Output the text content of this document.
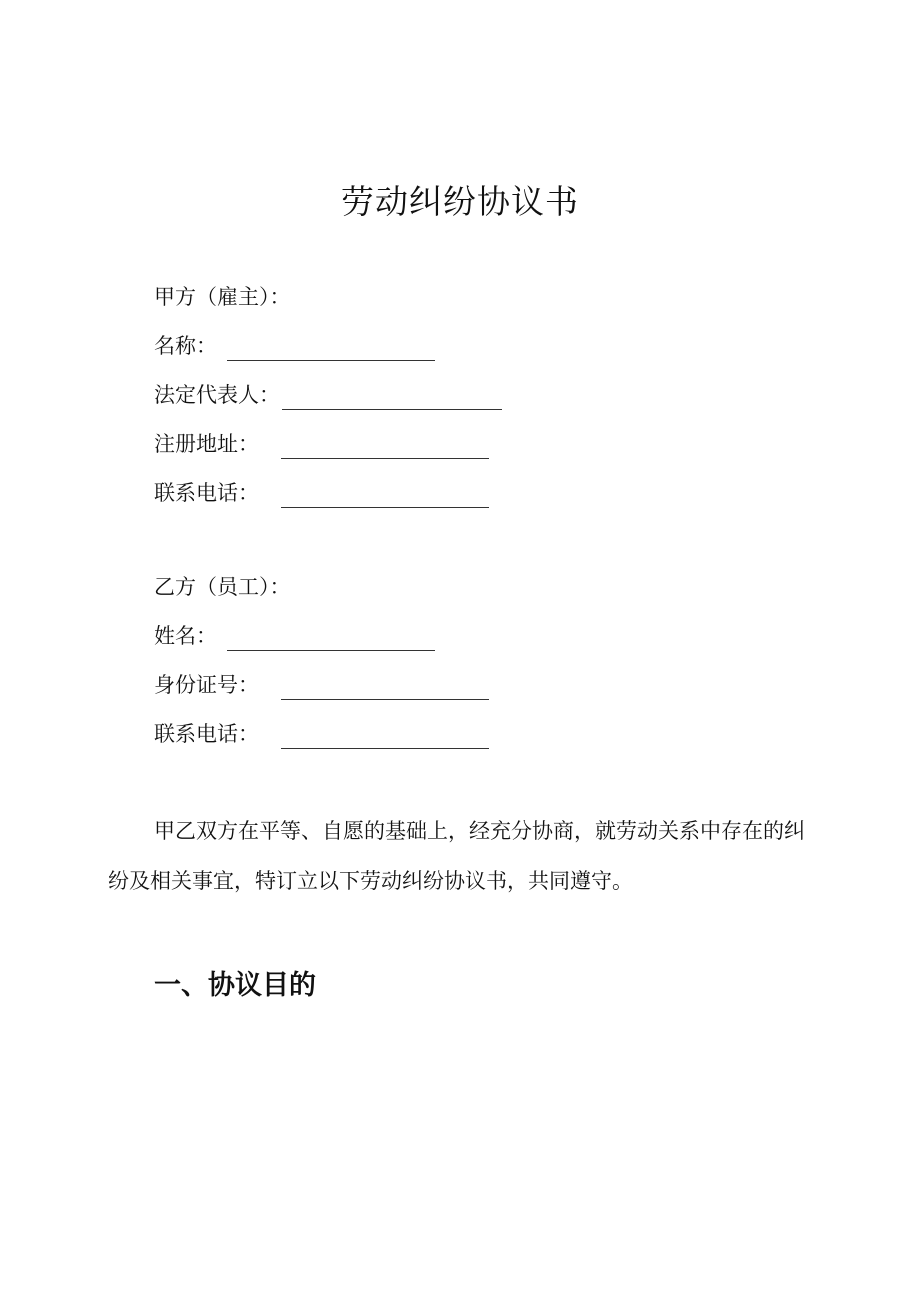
劳动纠纷协议书
甲方（雇主）：
名称：
法定代表人：
注册地址：
联系电话：
乙方（员工）：
姓名：
身份证号：
联系电话：

甲乙双方在平等、自愿的基础上，经充分协商，就劳动关系中存在的纠纷及相关事宜，特订立以下劳动纠纷协议书，共同遵守。

一、协议目的
